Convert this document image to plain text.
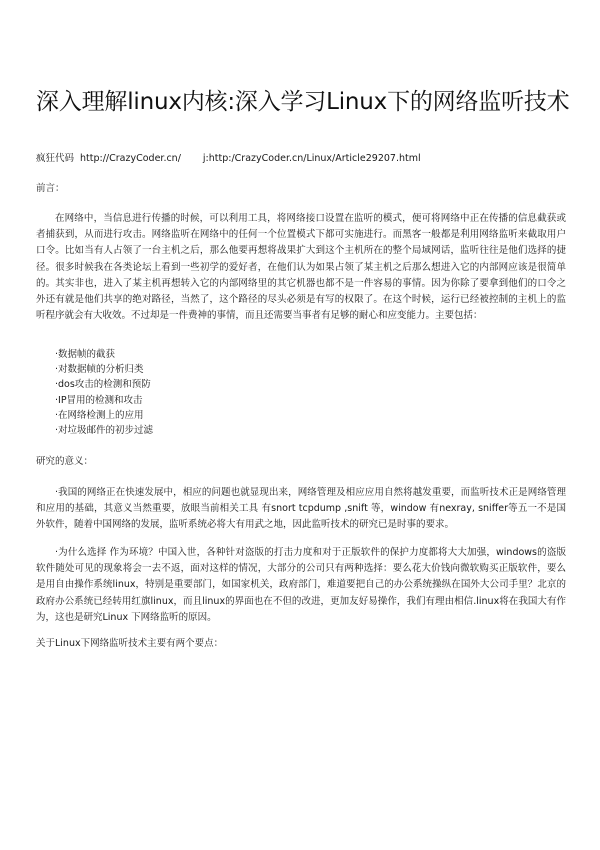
深入理解linux内核:深入学习Linux下的网络监听技术
疯狂代码 http://CrazyCoder.cn/ j:http:/CrazyCoder.cn/Linux/Article29207.html

前言：

在网络中，当信息进行传播的时候，可以利用工具，将网络接口设置在监听的模式，便可将网络中正在传播的信息截获或者捕获到，从而进行攻击。网络监听在网络中的任何一个位置模式下都可实施进行。而黑客一般都是利用网络监听来截取用户口令。比如当有人占领了一台主机之后，那么他要再想将战果扩大到这个主机所在的整个局域网话，监听往往是他们选择的捷径。很多时候我在各类论坛上看到一些初学的爱好者，在他们认为如果占领了某主机之后那么想进入它的内部网应该是很简单的。其实非也，进入了某主机再想转入它的内部网络里的其它机器也都不是一件容易的事情。因为你除了要拿到他们的口令之外还有就是他们共享的绝对路径，当然了，这个路径的尽头必须是有写的权限了。在这个时候，运行已经被控制的主机上的监听程序就会有大收效。不过却是一件费神的事情，而且还需要当事者有足够的耐心和应变能力。主要包括：

·数据帧的截获
·对数据帧的分析归类
·dos攻击的检测和预防
·IP冒用的检测和攻击
·在网络检测上的应用
·对垃圾邮件的初步过滤

研究的意义：

·我国的网络正在快速发展中，相应的问题也就显现出来，网络管理及相应应用自然将越发重要，而监听技术正是网络管理和应用的基础，其意义当然重要，放眼当前相关工具 有snort tcpdump ,snift 等，window 有nexray, sniffer等五一不是国外软件，随着中国网络的发展，监听系统必将大有用武之地，因此监听技术的研究已是时事的要求。

·为什么选择 作为环境？中国入世，各种针对盗版的打击力度和对于正版软件的保护力度都将大大加强，windows的盗版软件随处可见的现象将会一去不返，面对这样的情况，大部分的公司只有两种选择：要么花大价钱向微软购买正版软件，要么是用自由操作系统linux，特别是重要部门，如国家机关，政府部门，难道要把自己的办公系统操纵在国外大公司手里？北京的政府办公系统已经转用红旗linux，而且linux的界面也在不但的改进，更加友好易操作，我们有理由相信.linux将在我国大有作为，这也是研究Linux 下网络监听的原因。

关于Linux下网络监听技术主要有两个要点：
